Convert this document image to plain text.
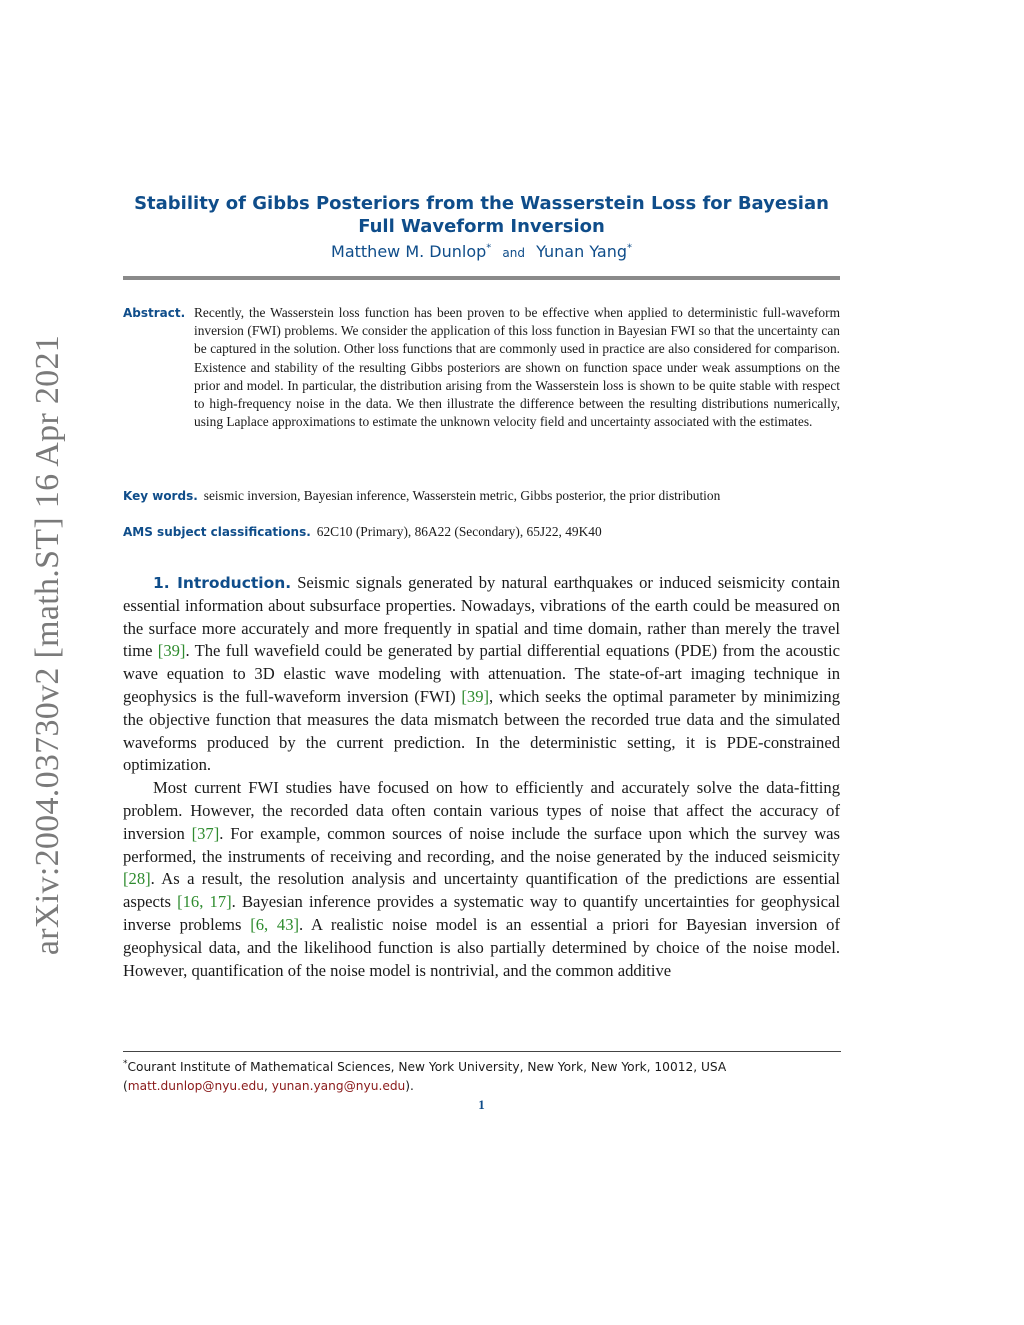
arXiv:2004.03730v2 [math.ST] 16 Apr 2021
Stability of Gibbs Posteriors from the Wasserstein Loss for Bayesian Full Waveform Inversion
Matthew M. Dunlop* and Yunan Yang*
Abstract. Recently, the Wasserstein loss function has been proven to be effective when applied to deterministic full-waveform inversion (FWI) problems. We consider the application of this loss function in Bayesian FWI so that the uncertainty can be captured in the solution. Other loss functions that are commonly used in practice are also considered for comparison. Existence and stability of the resulting Gibbs posteriors are shown on function space under weak assumptions on the prior and model. In particular, the distribution arising from the Wasserstein loss is shown to be quite stable with respect to high-frequency noise in the data. We then illustrate the difference between the resulting distributions numerically, using Laplace approximations to estimate the unknown velocity field and uncertainty associated with the estimates.
Key words. seismic inversion, Bayesian inference, Wasserstein metric, Gibbs posterior, the prior distribution
AMS subject classifications. 62C10 (Primary), 86A22 (Secondary), 65J22, 49K40

1. Introduction. Seismic signals generated by natural earthquakes or induced seismicity contain essential information about subsurface properties. Nowadays, vibrations of the earth could be measured on the surface more accurately and more frequently in spatial and time domain, rather than merely the travel time [39]. The full wavefield could be generated by partial differential equations (PDE) from the acoustic wave equation to 3D elastic wave modeling with attenuation. The state-of-art imaging technique in geophysics is the full-waveform inversion (FWI) [39], which seeks the optimal parameter by minimizing the objective function that measures the data mismatch between the recorded true data and the simulated waveforms produced by the current prediction. In the deterministic setting, it is PDE-constrained optimization.

Most current FWI studies have focused on how to efficiently and accurately solve the data-fitting problem. However, the recorded data often contain various types of noise that affect the accuracy of inversion [37]. For example, common sources of noise include the surface upon which the survey was performed, the instruments of receiving and recording, and the noise generated by the induced seismicity [28]. As a result, the resolution analysis and uncertainty quantification of the predictions are essential aspects [16, 17]. Bayesian inference provides a systematic way to quantify uncertainties for geophysical inverse problems [6, 43]. A realistic noise model is an essential a priori for Bayesian inversion of geophysical data, and the likelihood function is also partially determined by choice of the noise model. However, quantification of the noise model is nontrivial, and the common additive

*Courant Institute of Mathematical Sciences, New York University, New York, New York, 10012, USA
(matt.dunlop@nyu.edu, yunan.yang@nyu.edu).
1
